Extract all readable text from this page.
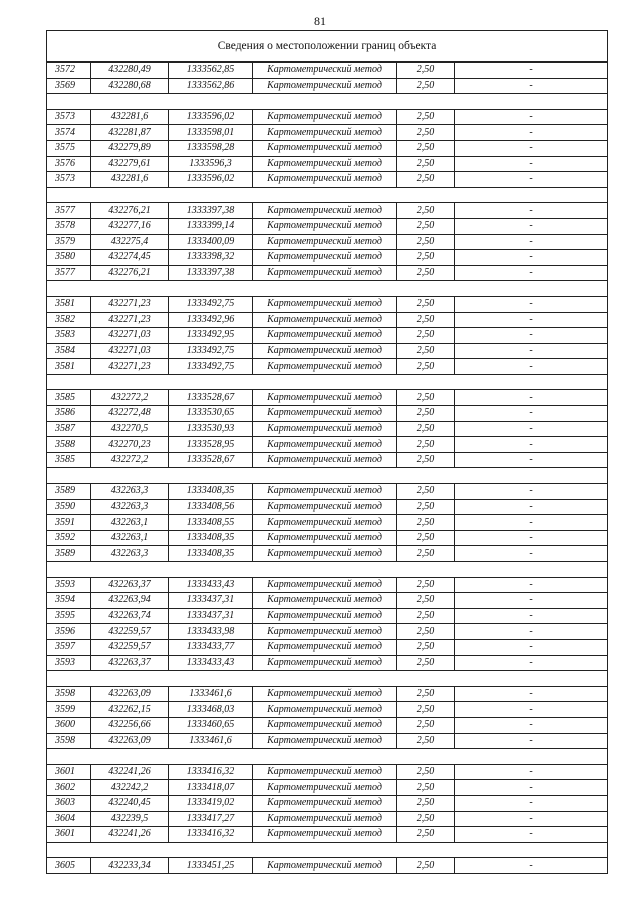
81
Сведения о местоположении границ объекта					
3572	432280,49	1333562,85	Картометрический метод	2,50	-
3569	432280,68	1333562,86	Картометрический метод	2,50	-

3573	432281,6	1333596,02	Картометрический метод	2,50	-
3574	432281,87	1333598,01	Картометрический метод	2,50	-
3575	432279,89	1333598,28	Картометрический метод	2,50	-
3576	432279,61	1333596,3	Картометрический метод	2,50	-
3573	432281,6	1333596,02	Картометрический метод	2,50	-

3577	432276,21	1333397,38	Картометрический метод	2,50	-
3578	432277,16	1333399,14	Картометрический метод	2,50	-
3579	432275,4	1333400,09	Картометрический метод	2,50	-
3580	432274,45	1333398,32	Картометрический метод	2,50	-
3577	432276,21	1333397,38	Картометрический метод	2,50	-

3581	432271,23	1333492,75	Картометрический метод	2,50	-
3582	432271,23	1333492,96	Картометрический метод	2,50	-
3583	432271,03	1333492,95	Картометрический метод	2,50	-
3584	432271,03	1333492,75	Картометрический метод	2,50	-
3581	432271,23	1333492,75	Картометрический метод	2,50	-

3585	432272,2	1333528,67	Картометрический метод	2,50	-
3586	432272,48	1333530,65	Картометрический метод	2,50	-
3587	432270,5	1333530,93	Картометрический метод	2,50	-
3588	432270,23	1333528,95	Картометрический метод	2,50	-
3585	432272,2	1333528,67	Картометрический метод	2,50	-

3589	432263,3	1333408,35	Картометрический метод	2,50	-
3590	432263,3	1333408,56	Картометрический метод	2,50	-
3591	432263,1	1333408,55	Картометрический метод	2,50	-
3592	432263,1	1333408,35	Картометрический метод	2,50	-
3589	432263,3	1333408,35	Картометрический метод	2,50	-

3593	432263,37	1333433,43	Картометрический метод	2,50	-
3594	432263,94	1333437,31	Картометрический метод	2,50	-
3595	432263,74	1333437,31	Картометрический метод	2,50	-
3596	432259,57	1333433,98	Картометрический метод	2,50	-
3597	432259,57	1333433,77	Картометрический метод	2,50	-
3593	432263,37	1333433,43	Картометрический метод	2,50	-

3598	432263,09	1333461,6	Картометрический метод	2,50	-
3599	432262,15	1333468,03	Картометрический метод	2,50	-
3600	432256,66	1333460,65	Картометрический метод	2,50	-
3598	432263,09	1333461,6	Картометрический метод	2,50	-

3601	432241,26	1333416,32	Картометрический метод	2,50	-
3602	432242,2	1333418,07	Картометрический метод	2,50	-
3603	432240,45	1333419,02	Картометрический метод	2,50	-
3604	432239,5	1333417,27	Картометрический метод	2,50	-
3601	432241,26	1333416,32	Картометрический метод	2,50	-

3605	432233,34	1333451,25	Картометрический метод	2,50	-
